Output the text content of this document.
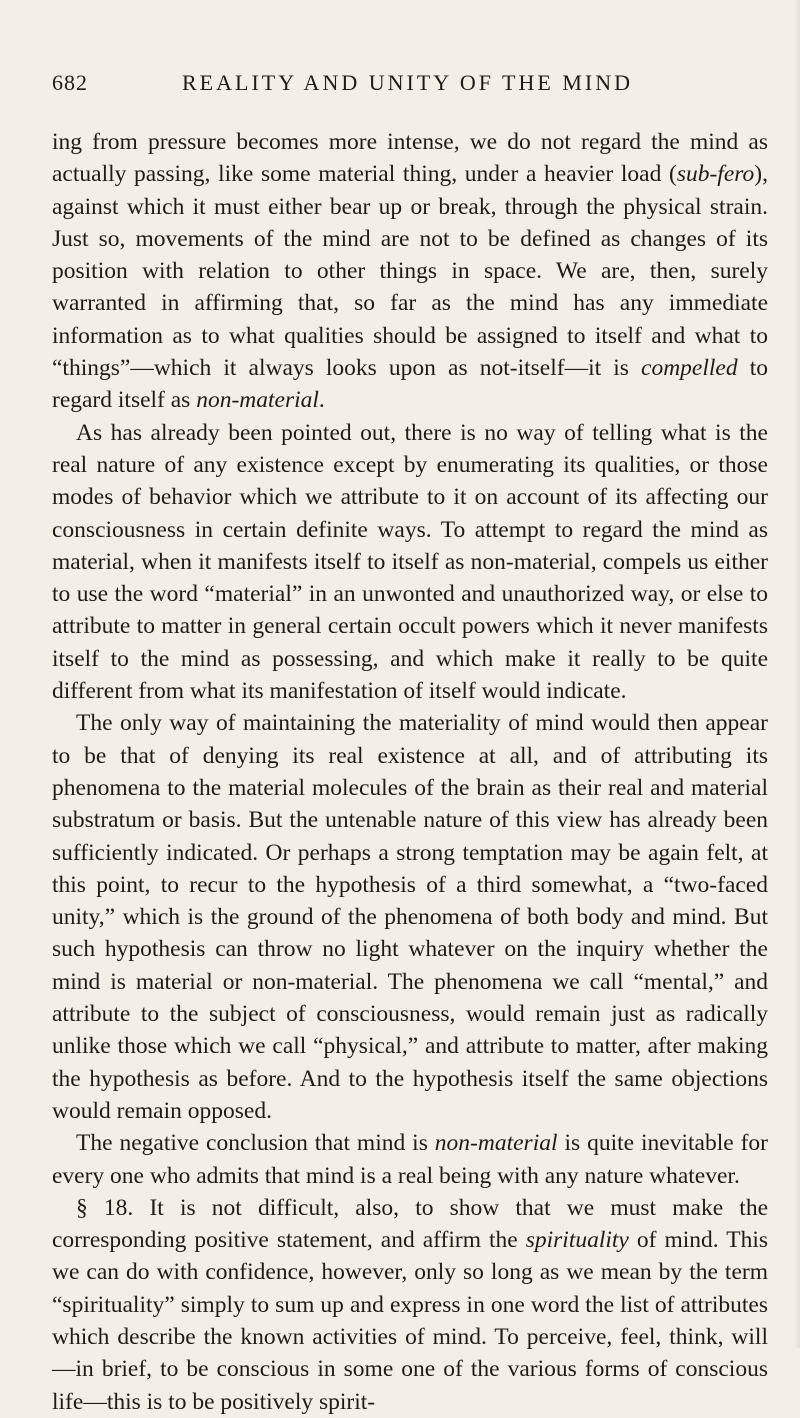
682	REALITY AND UNITY OF THE MIND

ing from pressure becomes more intense, we do not regard the mind as actually passing, like some material thing, under a heavier load (sub-fero), against which it must either bear up or break, through the physical strain. Just so, movements of the mind are not to be defined as changes of its position with relation to other things in space. We are, then, surely warranted in affirming that, so far as the mind has any immediate information as to what qualities should be assigned to itself and what to “things”—which it always looks upon as not-itself—it is compelled to regard itself as non-material.

As has already been pointed out, there is no way of telling what is the real nature of any existence except by enumerating its qualities, or those modes of behavior which we attribute to it on account of its affecting our consciousness in certain definite ways. To attempt to regard the mind as material, when it manifests itself to itself as non-material, compels us either to use the word “material” in an unwonted and unauthorized way, or else to attribute to matter in general certain occult powers which it never manifests itself to the mind as possessing, and which make it really to be quite different from what its manifestation of itself would indicate.

The only way of maintaining the materiality of mind would then appear to be that of denying its real existence at all, and of attributing its phenomena to the material molecules of the brain as their real and material substratum or basis. But the untenable nature of this view has already been sufficiently indicated. Or perhaps a strong temptation may be again felt, at this point, to recur to the hypothesis of a third somewhat, a “two-faced unity,” which is the ground of the phenomena of both body and mind. But such hypothesis can throw no light whatever on the inquiry whether the mind is material or non-material. The phenomena we call “mental,” and attribute to the subject of consciousness, would remain just as radically unlike those which we call “physical,” and attribute to matter, after making the hypothesis as before. And to the hypothesis itself the same objections would remain opposed.

The negative conclusion that mind is non-material is quite inevitable for every one who admits that mind is a real being with any nature whatever.

§ 18. It is not difficult, also, to show that we must make the corresponding positive statement, and affirm the spirituality of mind. This we can do with confidence, however, only so long as we mean by the term “spirituality” simply to sum up and express in one word the list of attributes which describe the known activities of mind. To perceive, feel, think, will—in brief, to be conscious in some one of the various forms of conscious life—this is to be positively spirit-
